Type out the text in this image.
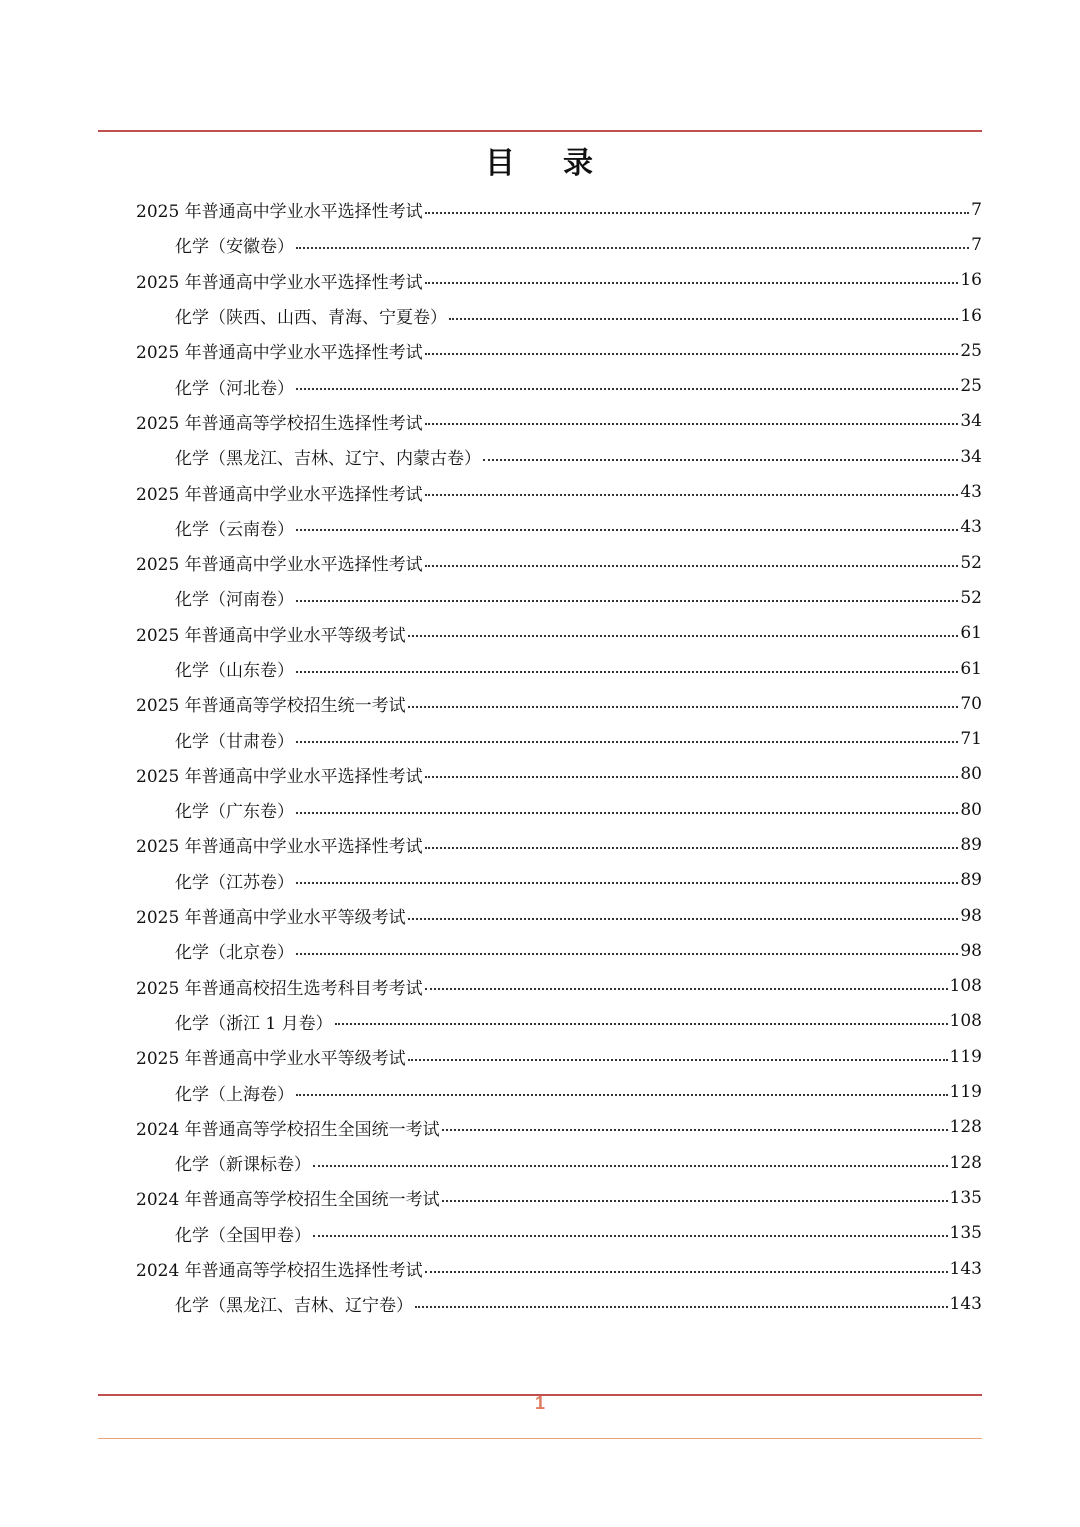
目 录
2025 年普通高中学业水平选择性考试	7
化学（安徽卷）	7
2025 年普通高中学业水平选择性考试	16
化学（陕西、山西、青海、宁夏卷）	16
2025 年普通高中学业水平选择性考试	25
化学（河北卷）	25
2025 年普通高等学校招生选择性考试	34
化学（黑龙江、吉林、辽宁、内蒙古卷）	34
2025 年普通高中学业水平选择性考试	43
化学（云南卷）	43
2025 年普通高中学业水平选择性考试	52
化学（河南卷）	52
2025 年普通高中学业水平等级考试	61
化学（山东卷）	61
2025 年普通高等学校招生统一考试	70
化学（甘肃卷）	71
2025 年普通高中学业水平选择性考试	80
化学（广东卷）	80
2025 年普通高中学业水平选择性考试	89
化学（江苏卷）	89
2025 年普通高中学业水平等级考试	98
化学（北京卷）	98
2025 年普通高校招生选考科目考考试	108
化学（浙江 1 月卷）	108
2025 年普通高中学业水平等级考试	119
化学（上海卷）	119
2024 年普通高等学校招生全国统一考试	128
化学（新课标卷）	128
2024 年普通高等学校招生全国统一考试	135
化学（全国甲卷）	135
2024 年普通高等学校招生选择性考试	143
化学（黑龙江、吉林、辽宁卷）	143
1
